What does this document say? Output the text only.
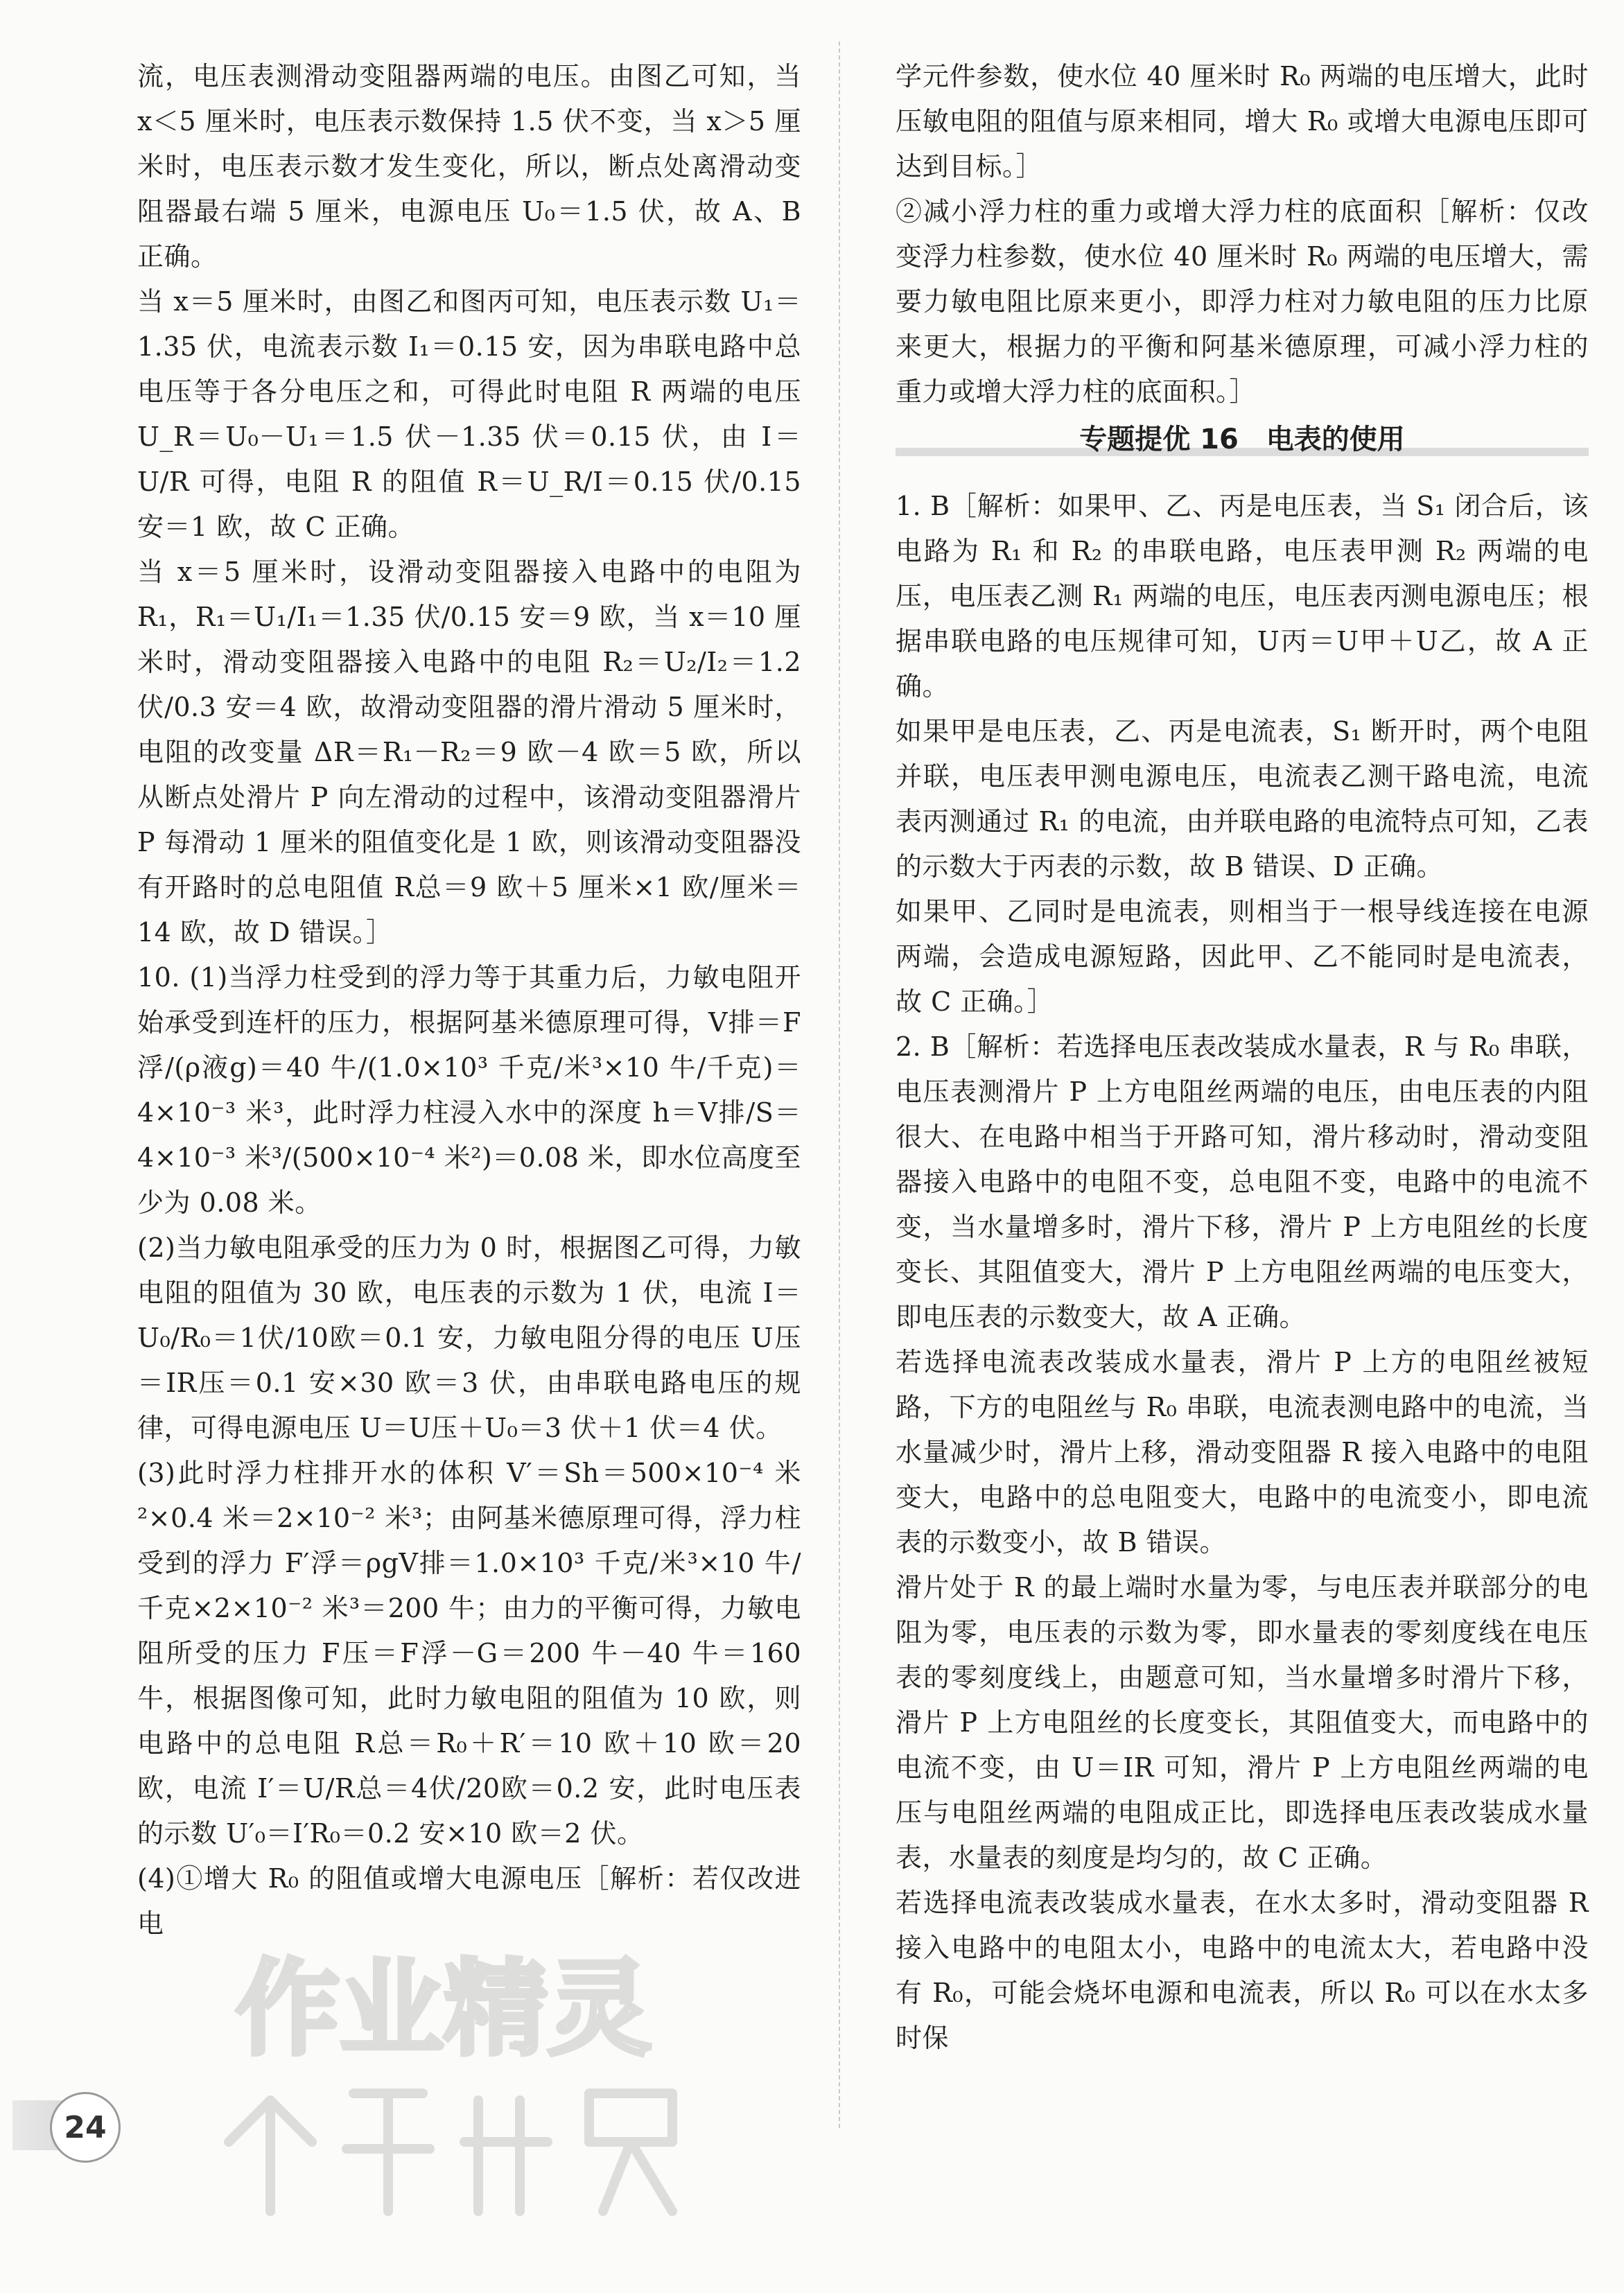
流，电压表测滑动变阻器两端的电压。由图乙可知，当 x＜5 厘米时，电压表示数保持 1.5 伏不变，当 x＞5 厘米时，电压表示数才发生变化，所以，断点处离滑动变阻器最右端 5 厘米，电源电压 U₀＝1.5 伏，故 A、B 正确。

当 x＝5 厘米时，由图乙和图丙可知，电压表示数 U₁＝1.35 伏，电流表示数 I₁＝0.15 安，因为串联电路中总电压等于各分电压之和，可得此时电阻 R 两端的电压 U_R＝U₀－U₁＝1.5 伏－1.35 伏＝0.15 伏，由 I＝U/R 可得，电阻 R 的阻值 R＝U_R/I＝0.15 伏/0.15 安＝1 欧，故 C 正确。

当 x＝5 厘米时，设滑动变阻器接入电路中的电阻为 R₁，R₁＝U₁/I₁＝1.35 伏/0.15 安＝9 欧，当 x＝10 厘米时，滑动变阻器接入电路中的电阻 R₂＝U₂/I₂＝1.2 伏/0.3 安＝4 欧，故滑动变阻器的滑片滑动 5 厘米时，电阻的改变量 ΔR＝R₁－R₂＝9 欧－4 欧＝5 欧，所以从断点处滑片 P 向左滑动的过程中，该滑动变阻器滑片 P 每滑动 1 厘米的阻值变化是 1 欧，则该滑动变阻器没有开路时的总电阻值 R总＝9 欧＋5 厘米×1 欧/厘米＝14 欧，故 D 错误。］

10. (1)当浮力柱受到的浮力等于其重力后，力敏电阻开始承受到连杆的压力，根据阿基米德原理可得，V排＝F浮/(ρ液g)＝40 牛/(1.0×10³ 千克/米³×10 牛/千克)＝4×10⁻³ 米³，此时浮力柱浸入水中的深度 h＝V排/S＝4×10⁻³ 米³/(500×10⁻⁴ 米²)＝0.08 米，即水位高度至少为 0.08 米。

(2)当力敏电阻承受的压力为 0 时，根据图乙可得，力敏电阻的阻值为 30 欧，电压表的示数为 1 伏，电流 I＝U₀/R₀＝1伏/10欧＝0.1 安，力敏电阻分得的电压 U压＝IR压＝0.1 安×30 欧＝3 伏，由串联电路电压的规律，可得电源电压 U＝U压＋U₀＝3 伏＋1 伏＝4 伏。

(3)此时浮力柱排开水的体积 V′＝Sh＝500×10⁻⁴ 米²×0.4 米＝2×10⁻² 米³；由阿基米德原理可得，浮力柱受到的浮力 F′浮＝ρgV排＝1.0×10³ 千克/米³×10 牛/千克×2×10⁻² 米³＝200 牛；由力的平衡可得，力敏电阻所受的压力 F压＝F浮－G＝200 牛－40 牛＝160 牛，根据图像可知，此时力敏电阻的阻值为 10 欧，则电路中的总电阻 R总＝R₀＋R′＝10 欧＋10 欧＝20 欧，电流 I′＝U/R总＝4伏/20欧＝0.2 安，此时电压表的示数 U′₀＝I′R₀＝0.2 安×10 欧＝2 伏。

(4)①增大 R₀ 的阻值或增大电源电压［解析：若仅改进电

学元件参数，使水位 40 厘米时 R₀ 两端的电压增大，此时压敏电阻的阻值与原来相同，增大 R₀ 或增大电源电压即可达到目标。］

②减小浮力柱的重力或增大浮力柱的底面积［解析：仅改变浮力柱参数，使水位 40 厘米时 R₀ 两端的电压增大，需要力敏电阻比原来更小，即浮力柱对力敏电阻的压力比原来更大，根据力的平衡和阿基米德原理，可减小浮力柱的重力或增大浮力柱的底面积。］

专题提优 16　电表的使用

1. B［解析：如果甲、乙、丙是电压表，当 S₁ 闭合后，该电路为 R₁ 和 R₂ 的串联电路，电压表甲测 R₂ 两端的电压，电压表乙测 R₁ 两端的电压，电压表丙测电源电压；根据串联电路的电压规律可知，U丙＝U甲＋U乙，故 A 正确。

如果甲是电压表，乙、丙是电流表，S₁ 断开时，两个电阻并联，电压表甲测电源电压，电流表乙测干路电流，电流表丙测通过 R₁ 的电流，由并联电路的电流特点可知，乙表的示数大于丙表的示数，故 B 错误、D 正确。

如果甲、乙同时是电流表，则相当于一根导线连接在电源两端，会造成电源短路，因此甲、乙不能同时是电流表，故 C 正确。］

2. B［解析：若选择电压表改装成水量表，R 与 R₀ 串联，电压表测滑片 P 上方电阻丝两端的电压，由电压表的内阻很大、在电路中相当于开路可知，滑片移动时，滑动变阻器接入电路中的电阻不变，总电阻不变，电路中的电流不变，当水量增多时，滑片下移，滑片 P 上方电阻丝的长度变长、其阻值变大，滑片 P 上方电阻丝两端的电压变大，即电压表的示数变大，故 A 正确。

若选择电流表改装成水量表，滑片 P 上方的电阻丝被短路，下方的电阻丝与 R₀ 串联，电流表测电路中的电流，当水量减少时，滑片上移，滑动变阻器 R 接入电路中的电阻变大，电路中的总电阻变大，电路中的电流变小，即电流表的示数变小，故 B 错误。

滑片处于 R 的最上端时水量为零，与电压表并联部分的电阻为零，电压表的示数为零，即水量表的零刻度线在电压表的零刻度线上，由题意可知，当水量增多时滑片下移，滑片 P 上方电阻丝的长度变长，其阻值变大，而电路中的电流不变，由 U＝IR 可知，滑片 P 上方电阻丝两端的电压与电阻丝两端的电阻成正比，即选择电压表改装成水量表，水量表的刻度是均匀的，故 C 正确。

若选择电流表改装成水量表，在水太多时，滑动变阻器 R 接入电路中的电阻太小，电路中的电流太大，若电路中没有 R₀，可能会烧坏电源和电流表，所以 R₀ 可以在水太多时保

24
作业精灵
